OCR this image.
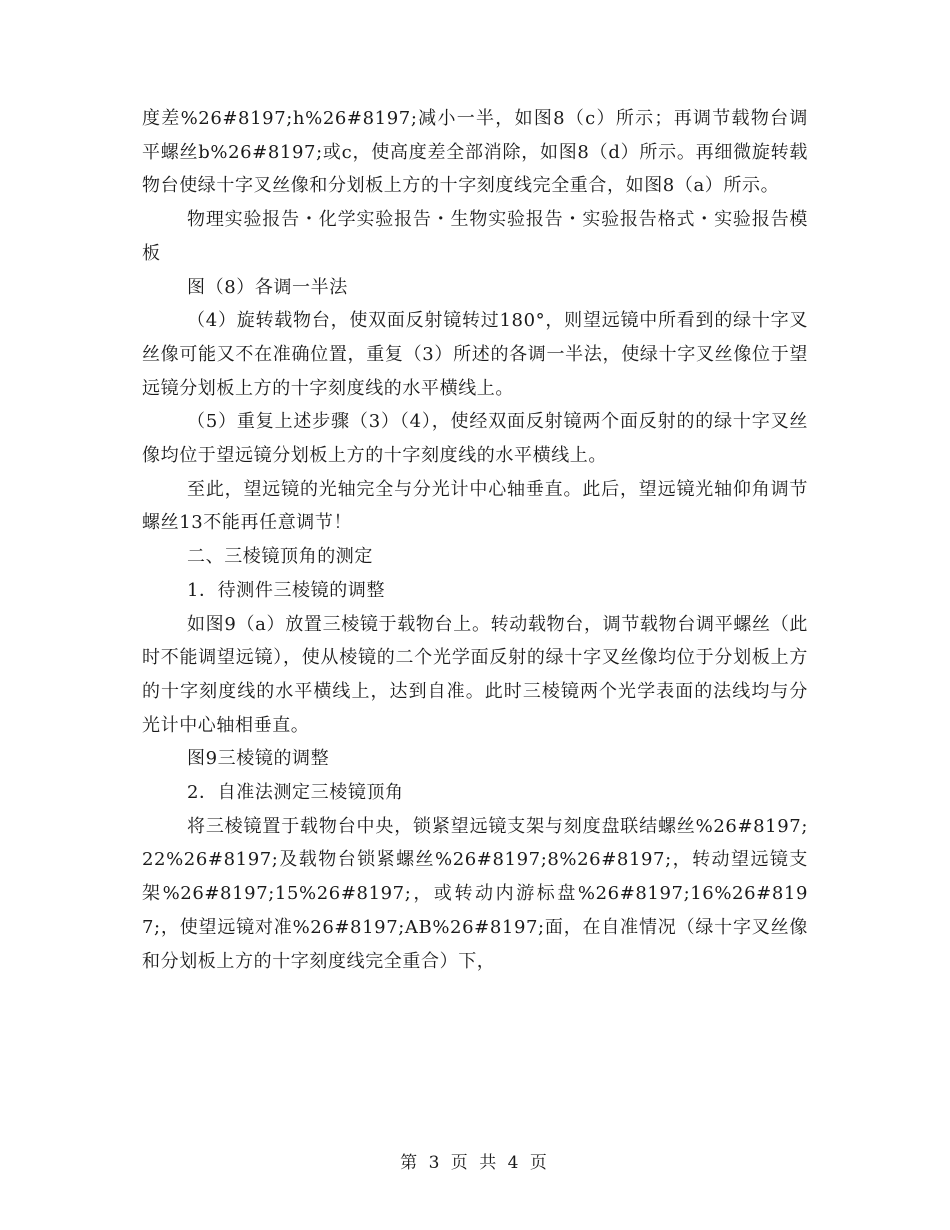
度差%26#8197;h%26#8197;减小一半，如图8（c）所示；再调节载物台调平螺丝b%26#8197;或c，使高度差全部消除，如图8（d）所示。再细微旋转载物台使绿十字叉丝像和分划板上方的十字刻度线完全重合，如图8（a）所示。

物理实验报告・化学实验报告・生物实验报告・实验报告格式・实验报告模板

图（8）各调一半法

（4）旋转载物台，使双面反射镜转过180°，则望远镜中所看到的绿十字叉丝像可能又不在准确位置，重复（3）所述的各调一半法，使绿十字叉丝像位于望远镜分划板上方的十字刻度线的水平横线上。

（5）重复上述步骤（3）（4），使经双面反射镜两个面反射的的绿十字叉丝像均位于望远镜分划板上方的十字刻度线的水平横线上。

至此，望远镜的光轴完全与分光计中心轴垂直。此后，望远镜光轴仰角调节螺丝13不能再任意调节！

二、三棱镜顶角的测定

1．待测件三棱镜的调整

如图9（a）放置三棱镜于载物台上。转动载物台，调节载物台调平螺丝（此时不能调望远镜），使从棱镜的二个光学面反射的绿十字叉丝像均位于分划板上方的十字刻度线的水平横线上，达到自准。此时三棱镜两个光学表面的法线均与分光计中心轴相垂直。

图9三棱镜的调整

2．自准法测定三棱镜顶角

将三棱镜置于载物台中央，锁紧望远镜支架与刻度盘联结螺丝%26#8197;22%26#8197;及载物台锁紧螺丝%26#8197;8%26#8197;，转动望远镜支架%26#8197;15%26#8197;，或转动内游标盘%26#8197;16%26#8197;，使望远镜对准%26#8197;AB%26#8197;面，在自准情况（绿十字叉丝像和分划板上方的十字刻度线完全重合）下，

第 3 页 共 4 页
